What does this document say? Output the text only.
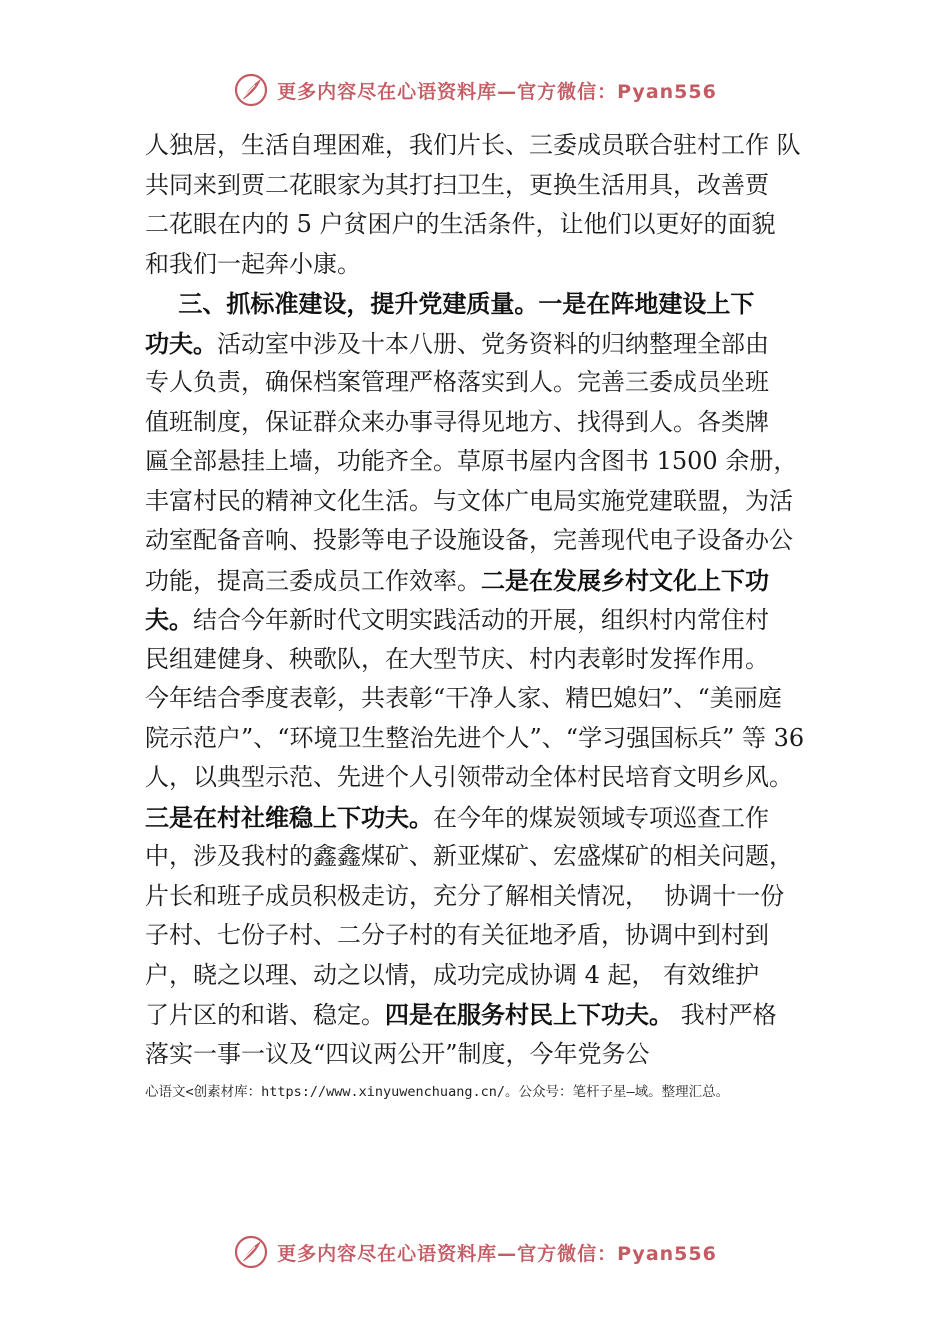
更多内容尽在心语资料库—官方微信：Pyan556
人独居，生活自理困难，我们片长、三委成员联合驻村工作 队
共同来到贾二花眼家为其打扫卫生，更换生活用具，改善贾
二花眼在内的 5 户贫困户的生活条件，让他们以更好的面貌
和我们一起奔小康。
三、抓标准建设，提升党建质量。一是在阵地建设上下
功夫。活动室中涉及十本八册、党务资料的归纳整理全部由
专人负责，确保档案管理严格落实到人。完善三委成员坐班
值班制度，保证群众来办事寻得见地方、找得到人。各类牌
匾全部悬挂上墙，功能齐全。草原书屋内含图书 1500 余册，
丰富村民的精神文化生活。与文体广电局实施党建联盟，为活
动室配备音响、投影等电子设施设备，完善现代电子设备办公
功能，提高三委成员工作效率。二是在发展乡村文化上下功
夫。结合今年新时代文明实践活动的开展，组织村内常住村
民组建健身、秧歌队，在大型节庆、村内表彰时发挥作用。
今年结合季度表彰，共表彰“干净人家、精巴媳妇”、“美丽庭
院示范户”、“环境卫生整治先进个人”、“学习强国标兵” 等 36
人，以典型示范、先进个人引领带动全体村民培育文明乡风。
三是在村社维稳上下功夫。在今年的煤炭领域专项巡查工作
中，涉及我村的鑫鑫煤矿、新亚煤矿、宏盛煤矿的相关问题，
片长和班子成员积极走访，充分了解相关情况，  协调十一份
子村、七份子村、二分子村的有关征地矛盾，协调中到村到
户，晓之以理、动之以情，成功完成协调 4 起， 有效维护
了片区的和谐、稳定。四是在服务村民上下功夫。 我村严格
落实一事一议及“四议两公开”制度，今年党务公
心语文<创素材库：https://www.xinyuwenchuang.cn/。公众号：笔杆子星—域。整理汇总。
更多内容尽在心语资料库—官方微信：Pyan556
